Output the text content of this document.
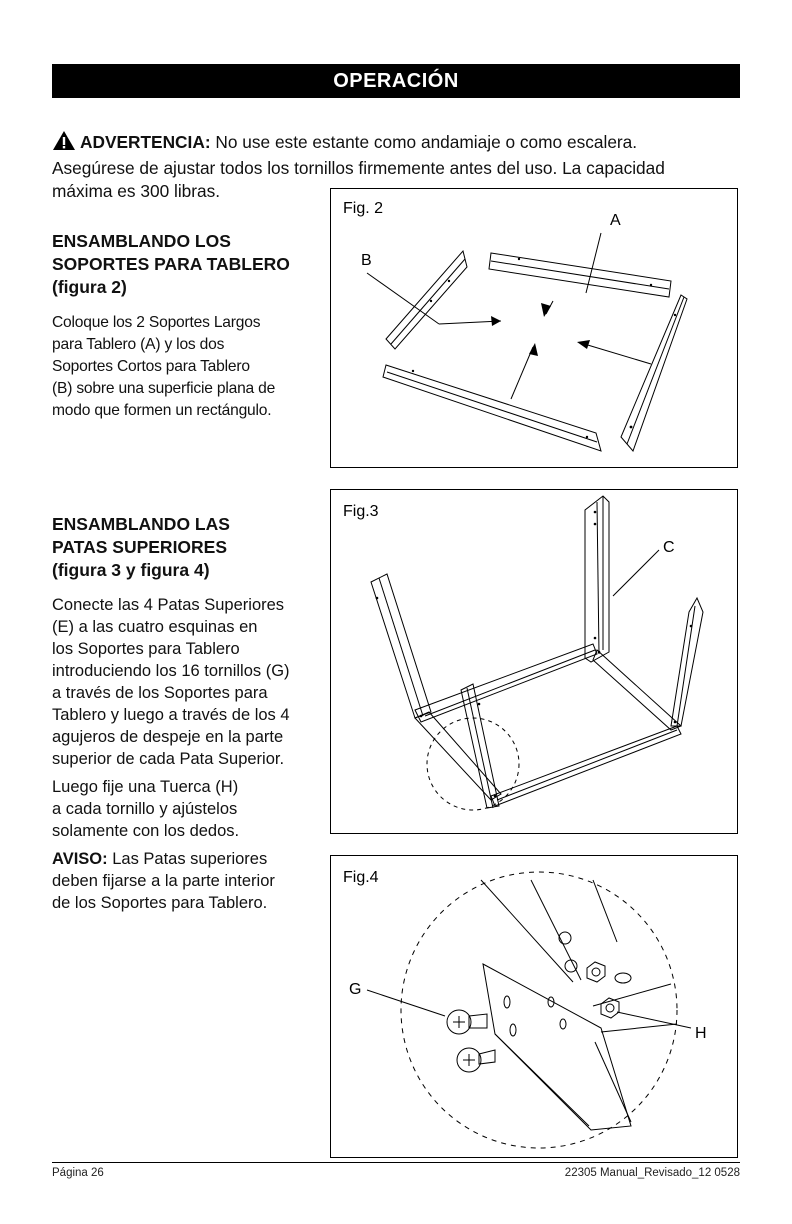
OPERACIÓN
ADVERTENCIA: No use este estante como andamiaje o como escalera.
Asegúrese de ajustar todos los tornillos firmemente antes del uso. La capacidad
máxima es 300 libras.
ENSAMBLANDO LOS
SOPORTES PARA TABLERO
(figura 2)
Coloque los 2 Soportes Largos
para Tablero (A) y los dos
Soportes Cortos para Tablero
(B) sobre una superficie plana de
modo que formen un rectángulo.
ENSAMBLANDO LAS
PATAS SUPERIORES
(figura 3 y figura 4)
Conecte las 4 Patas Superiores
(E) a las cuatro esquinas en
los Soportes para Tablero
introduciendo los 16 tornillos (G)
a través de los Soportes para
Tablero y luego a través de los 4
agujeros de despeje en la parte
superior de cada Pata Superior.
Luego fije una Tuerca (H)
a cada tornillo y ajústelos
solamente con los dedos.
AVISO: Las Patas superiores
deben fijarse a la parte interior
de los Soportes para Tablero.
Fig. 2
A
B
Fig.3
C
Fig.4
G
H
Página 26	22305 Manual_Revisado_12 0528
